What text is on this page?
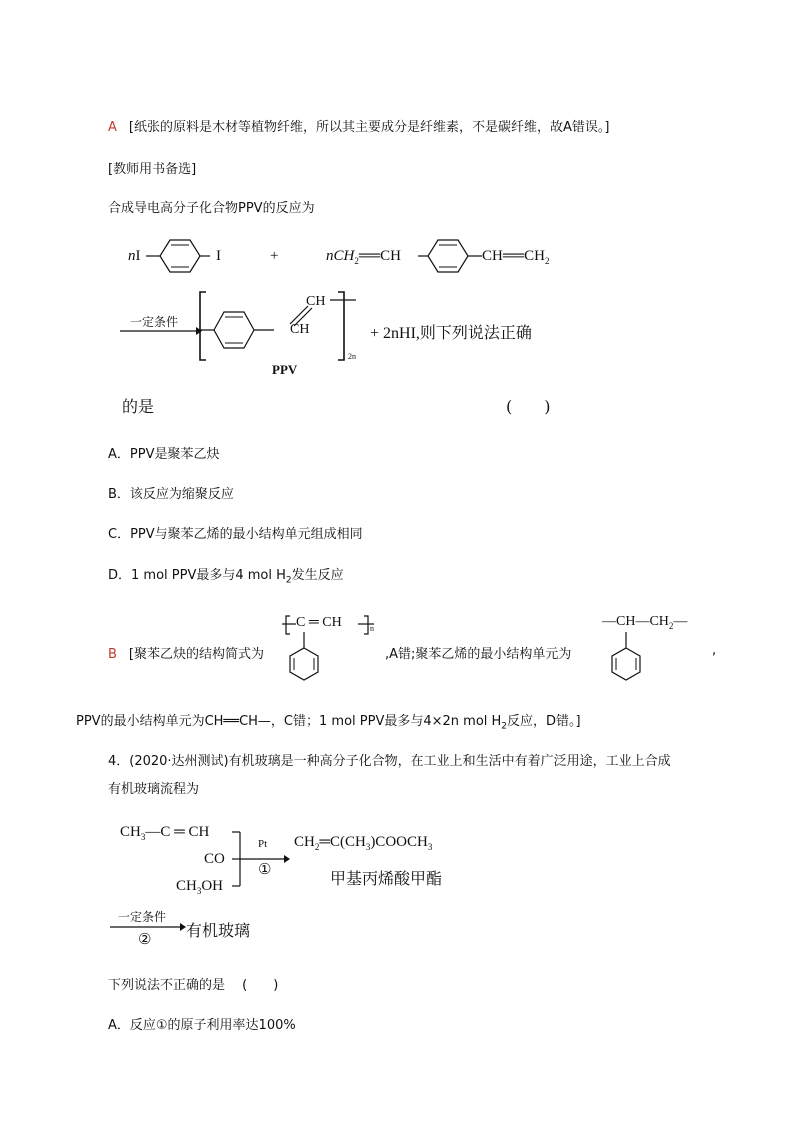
A [纸张的原料是木材等植物纤维，所以其主要成分是纤维素，不是碳纤维，故A错误。]
[教师用书备选]
合成导电高分子化合物PPV的反应为
nI	I	+	nCH$_2$══CH	$CH══CH_2$
一定条件
CH
CH
2n
PPV
+ 2nHI,则下列说法正确
的是	(　　)
A．PPV是聚苯乙炔
B．该反应为缩聚反应
C．PPV与聚苯乙烯的最小结构单元组成相同
D．1 mol PPV最多与4 mol $H_2$发生反应
B [聚苯乙炔的结构简式为
C ═ CH	n
,A错;聚苯乙烯的最小结构单元为
$—CH—CH_2—$
,
PPV的最小结构单元为CH══CH—，C错；1 mol PPV最多与4×2n mol $H_2$反应，D错。]
4．(2020·达州测试)有机玻璃是一种高分子化合物，在工业上和生活中有着广泛用途，工业上合成
有机玻璃流程为
$CH_3—C$ ═ CH
CO
$CH_3OH$
Pt
①
$CH_2═C(CH_3)COOCH_3$
甲基丙烯酸甲酯
一定条件
② 有机玻璃
下列说法不正确的是　 (　　)
A．反应①的原子利用率达100%
